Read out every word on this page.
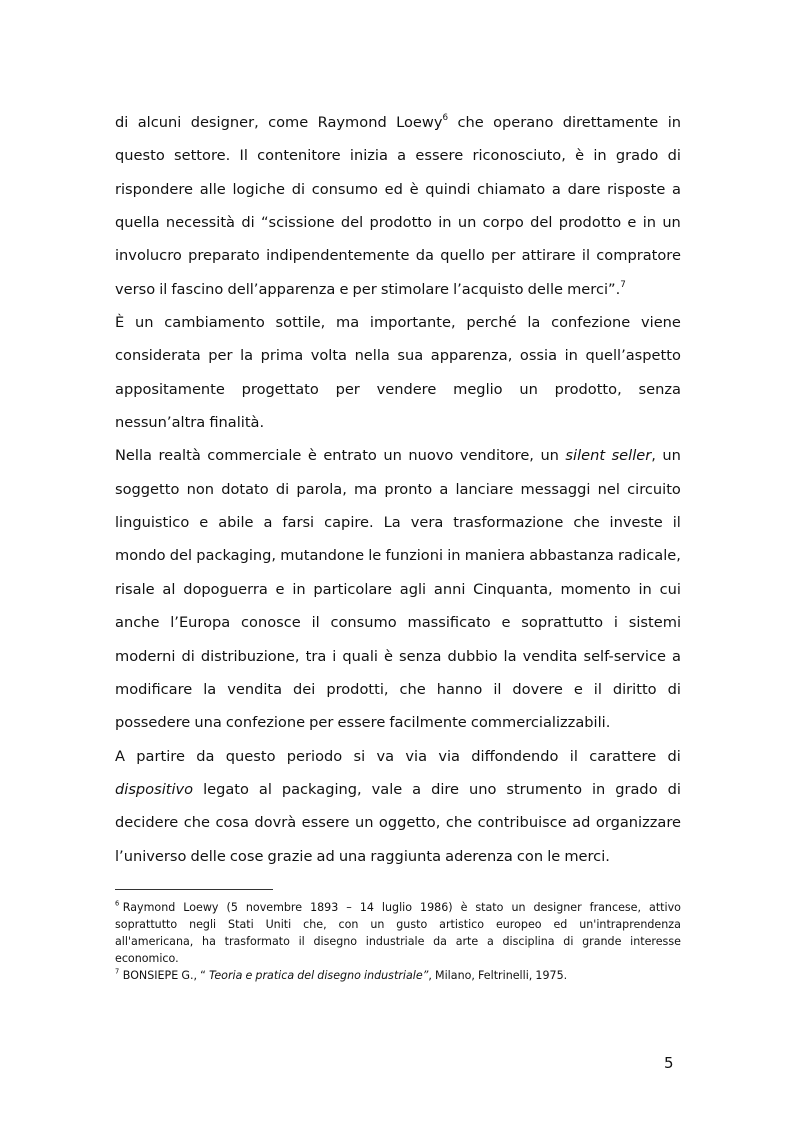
di alcuni designer, come Raymond Loewy$^6$ che operano direttamente in
questo settore. Il contenitore inizia a essere riconosciuto, è in grado di
rispondere alle logiche di consumo ed è quindi chiamato a dare risposte a
quella necessità di “scissione del prodotto in un corpo del prodotto e in un
involucro preparato indipendentemente da quello per attirare il compratore
verso il fascino dell’apparenza e per stimolare l’acquisto delle merci”.$^7$
È un cambiamento sottile, ma importante, perché la confezione viene
considerata per la prima volta nella sua apparenza, ossia in quell’aspetto
appositamente progettato per vendere meglio un prodotto, senza
nessun’altra finalità.
Nella realtà commerciale è entrato un nuovo venditore, un silent seller, un
soggetto non dotato di parola, ma pronto a lanciare messaggi nel circuito
linguistico e abile a farsi capire. La vera trasformazione che investe il
mondo del packaging, mutandone le funzioni in maniera abbastanza radicale,
risale al dopoguerra e in particolare agli anni Cinquanta, momento in cui
anche l’Europa conosce il consumo massificato e soprattutto i sistemi
moderni di distribuzione, tra i quali è senza dubbio la vendita self-service a
modificare la vendita dei prodotti, che hanno il dovere e il diritto di
possedere una confezione per essere facilmente commercializzabili.
A partire da questo periodo si va via via diffondendo il carattere di
dispositivo legato al packaging, vale a dire uno strumento in grado di
decidere che cosa dovrà essere un oggetto, che contribuisce ad organizzare
l’universo delle cose grazie ad una raggiunta aderenza con le merci.
$^6$ Raymond Loewy (5 novembre 1893 – 14 luglio 1986) è stato un designer francese, attivo
soprattutto negli Stati Uniti che, con un gusto artistico europeo ed un'intraprendenza
all'americana, ha trasformato il disegno industriale da arte a disciplina di grande interesse
economico.
$^7$ BONSIEPE G., “ Teoria e pratica del disegno industriale”, Milano, Feltrinelli, 1975.
5
